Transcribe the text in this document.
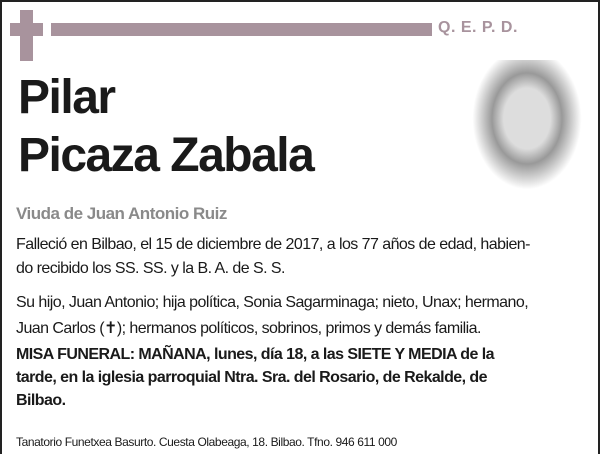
Q. E. P. D.
Pilar
Picaza Zabala
Viuda de Juan Antonio Ruiz
Falleció en Bilbao, el 15 de diciembre de 2017, a los 77 años de edad, habien-
do recibido los SS. SS. y la B. A. de S. S.
Su hijo, Juan Antonio; hija política, Sonia Sagarminaga; nieto, Unax; hermano,
Juan Carlos (✝); hermanos políticos, sobrinos, primos y demás familia.
MISA FUNERAL: MAÑANA, lunes, día 18, a las SIETE Y MEDIA de la
tarde, en la iglesia parroquial Ntra. Sra. del Rosario, de Rekalde, de
Bilbao.
Tanatorio Funetxea Basurto. Cuesta Olabeaga, 18. Bilbao. Tfno. 946 611 000
